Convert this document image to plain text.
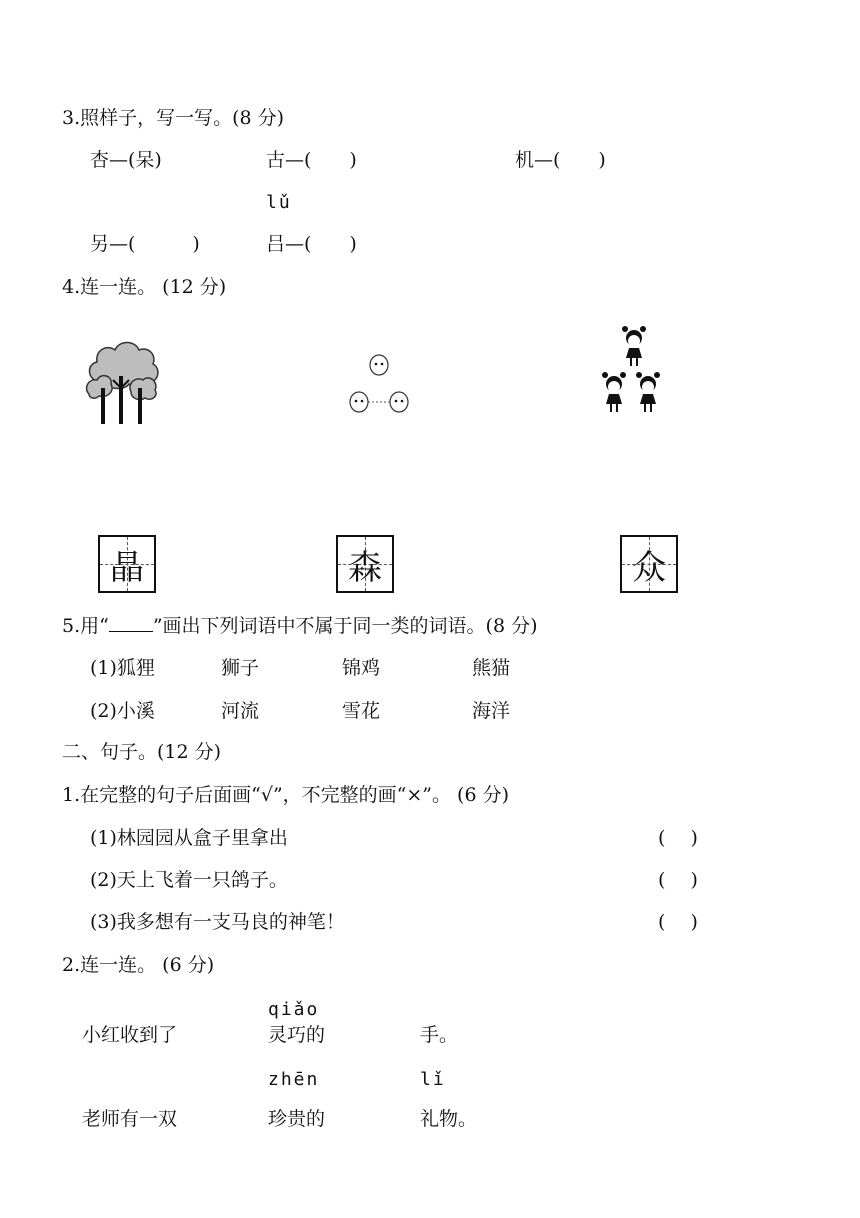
3.照样子，写一写。(8 分)
杏—(呆)	古—(　　)	机—(　　)
lǔ
另—(　　　)	吕—(　　)
4.连一连。 (12 分)
晶	森	众
5.用“ ”画出下列词语中不属于同一类的词语。(8 分)
(1)狐狸	狮子	锦鸡	熊猫
(2)小溪	河流	雪花	海洋
二、句子。(12 分)
1.在完整的句子后面画“√”，不完整的画“×”。 (6 分)
(1)林园园从盒子里拿出	(　 )
(2)天上飞着一只鸽子。	(　 )
(3)我多想有一支马良的神笔！	(　 )
2.连一连。 (6 分)
qiǎo
小红收到了	灵巧的	手。
zhēn	lǐ
老师有一双	珍贵的	礼物。
